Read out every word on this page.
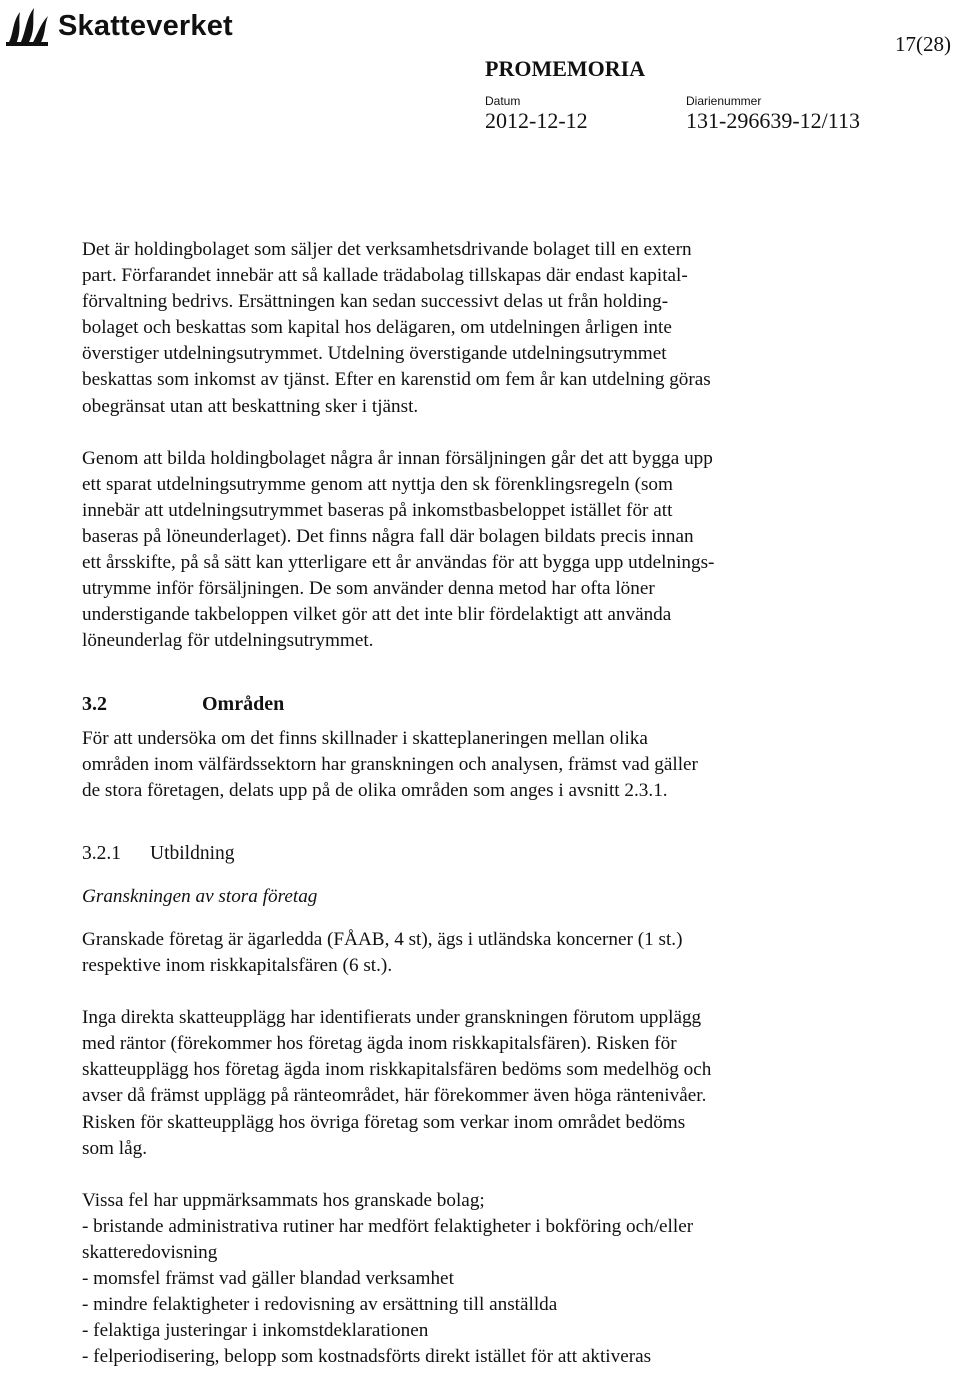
Skatteverket
17(28)
PROMEMORIA
Datum
2012-12-12
Diarienummer
131-296639-12/113
Det är holdingbolaget som säljer det verksamhetsdrivande bolaget till en extern
part. Förfarandet innebär att så kallade trädabolag tillskapas där endast kapital-
förvaltning bedrivs. Ersättningen kan sedan successivt delas ut från holding-
bolaget och beskattas som kapital hos delägaren, om utdelningen årligen inte
överstiger utdelningsutrymmet. Utdelning överstigande utdelningsutrymmet
beskattas som inkomst av tjänst. Efter en karenstid om fem år kan utdelning göras
obegränsat utan att beskattning sker i tjänst.
Genom att bilda holdingbolaget några år innan försäljningen går det att bygga upp
ett sparat utdelningsutrymme genom att nyttja den sk förenklingsregeln (som
innebär att utdelningsutrymmet baseras på inkomstbasbeloppet istället för att
baseras på löneunderlaget). Det finns några fall där bolagen bildats precis innan
ett årsskifte, på så sätt kan ytterligare ett år användas för att bygga upp utdelnings-
utrymme inför försäljningen. De som använder denna metod har ofta löner
understigande takbeloppen vilket gör att det inte blir fördelaktigt att använda
löneunderlag för utdelningsutrymmet.
3.2	Områden
För att undersöka om det finns skillnader i skatteplaneringen mellan olika
områden inom välfärdssektorn har granskningen och analysen, främst vad gäller
de stora företagen, delats upp på de olika områden som anges i avsnitt 2.3.1.
3.2.1	Utbildning
Granskningen av stora företag
Granskade företag är ägarledda (FÅAB, 4 st), ägs i utländska koncerner (1 st.)
respektive inom riskkapitalsfären (6 st.).
Inga direkta skatteupplägg har identifierats under granskningen förutom upplägg
med räntor (förekommer hos företag ägda inom riskkapitalsfären). Risken för
skatteupplägg hos företag ägda inom riskkapitalsfären bedöms som medelhög och
avser då främst upplägg på ränteområdet, här förekommer även höga räntenivåer.
Risken för skatteupplägg hos övriga företag som verkar inom området bedöms
som låg.
Vissa fel har uppmärksammats hos granskade bolag;
- bristande administrativa rutiner har medfört felaktigheter i bokföring och/eller
skatteredovisning
- momsfel främst vad gäller blandad verksamhet
- mindre felaktigheter i redovisning av ersättning till anställda
- felaktiga justeringar i inkomstdeklarationen
- felperiodisering, belopp som kostnadsförts direkt istället för att aktiveras
